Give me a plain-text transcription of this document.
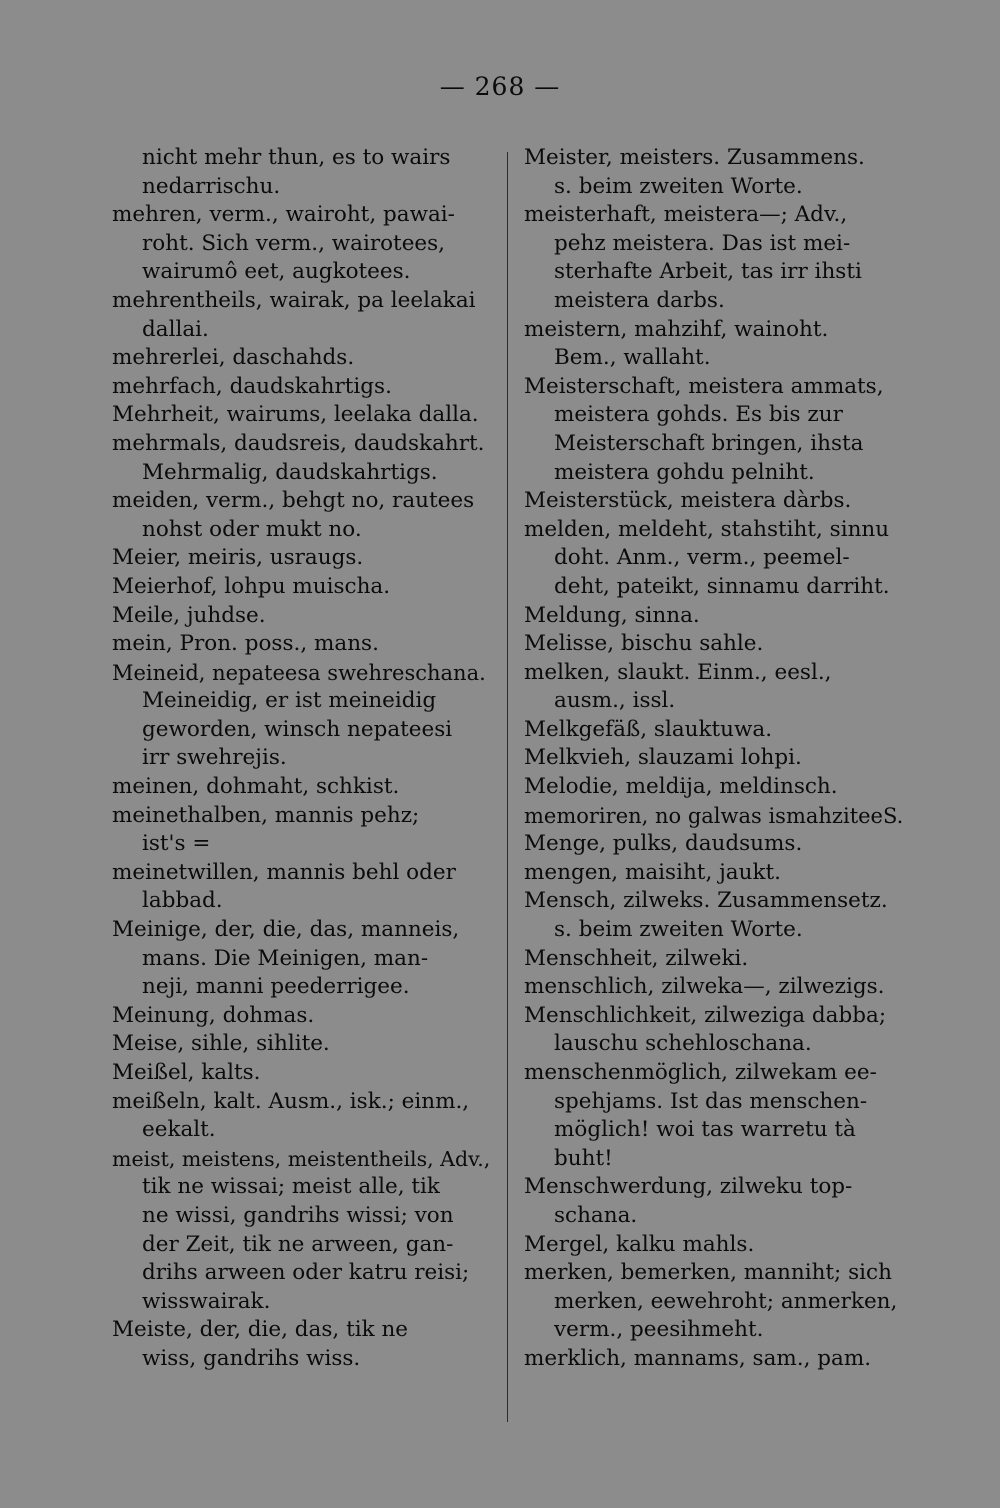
— 268 —
nicht mehr thun, es to wairs
nedarrischu.
mehren, verm., wairoht, pawai-
roht. Sich verm., wairotees,
wairumô eet, augkotees.
mehrentheils, wairak, pa leelakai
dallai.
mehrerlei, daschahds.
mehrfach, daudskahrtigs.
Mehrheit, wairums, leelaka dalla.
mehrmals, daudsreis, daudskahrt.
Mehrmalig, daudskahrtigs.
meiden, verm., behgt no, rautees
nohst oder mukt no.
Meier, meiris, usraugs.
Meierhof, lohpu muischa.
Meile, juhdse.
mein, Pron. poss., mans.
Meineid, nepateesa swehreschana.
Meineidig, er ist meineidig
geworden, winsch nepateesi
irr swehrejis.
meinen, dohmaht, schkist.
meinethalben, mannis pehz;
ist's =
meinetwillen, mannis behl oder
labbad.
Meinige, der, die, das, manneis,
mans. Die Meinigen, man-
neji, manni peederrigee.
Meinung, dohmas.
Meise, sihle, sihlite.
Meißel, kalts.
meißeln, kalt. Ausm., isk.; einm.,
eekalt.
meist, meistens, meistentheils, Adv.,
tik ne wissai; meist alle, tik
ne wissi, gandrihs wissi; von
der Zeit, tik ne arween, gan-
drihs arween oder katru reisi;
wisswairak.
Meiste, der, die, das, tik ne
wiss, gandrihs wiss.
Meister, meisters. Zusammens.
s. beim zweiten Worte.
meisterhaft, meistera—; Adv.,
pehz meistera. Das ist mei-
sterhafte Arbeit, tas irr ihsti
meistera darbs.
meistern, mahzihf, wainoht.
Bem., wallaht.
Meisterschaft, meistera ammats,
meistera gohds. Es bis zur
Meisterschaft bringen, ihsta
meistera gohdu pelniht.
Meisterstück, meistera dàrbs.
melden, meldeht, stahstiht, sinnu
doht. Anm., verm., peemel-
deht, pateikt, sinnamu darriht.
Meldung, sinna.
Melisse, bischu sahle.
melken, slaukt. Einm., eesl.,
ausm., issl.
Melkgefäß, slauktuwa.
Melkvieh, slauzami lohpi.
Melodie, meldija, meldinsch.
memoriren, no galwas ismahziteeS.
Menge, pulks, daudsums.
mengen, maisiht, jaukt.
Mensch, zilweks. Zusammensetz.
s. beim zweiten Worte.
Menschheit, zilweki.
menschlich, zilweka—, zilwezigs.
Menschlichkeit, zilweziga dabba;
lauschu schehloschana.
menschenmöglich, zilwekam ee-
spehjams. Ist das menschen-
möglich! woi tas warretu tà
buht!
Menschwerdung, zilweku top-
schana.
Mergel, kalku mahls.
merken, bemerken, manniht; sich
merken, eewehroht; anmerken,
verm., peesihmeht.
merklich, mannams, sam., pam.
